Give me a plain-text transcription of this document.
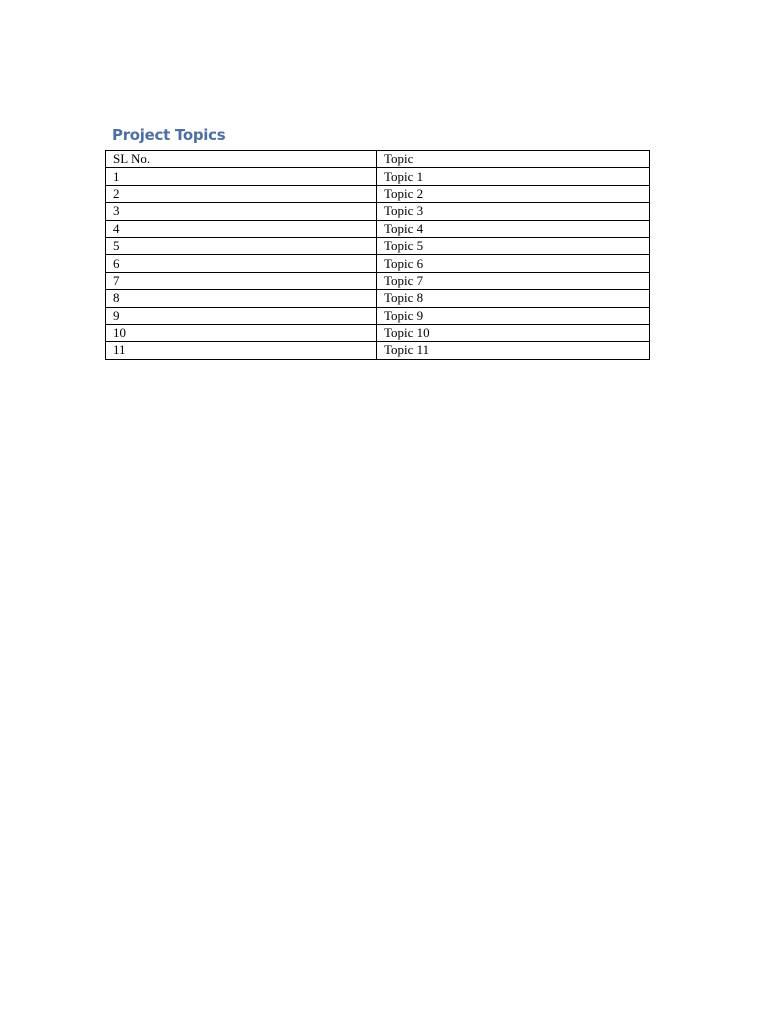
Project Topics
SL No.	Topic
1	Topic 1
2	Topic 2
3	Topic 3
4	Topic 4
5	Topic 5
6	Topic 6
7	Topic 7
8	Topic 8
9	Topic 9
10	Topic 10
11	Topic 11
